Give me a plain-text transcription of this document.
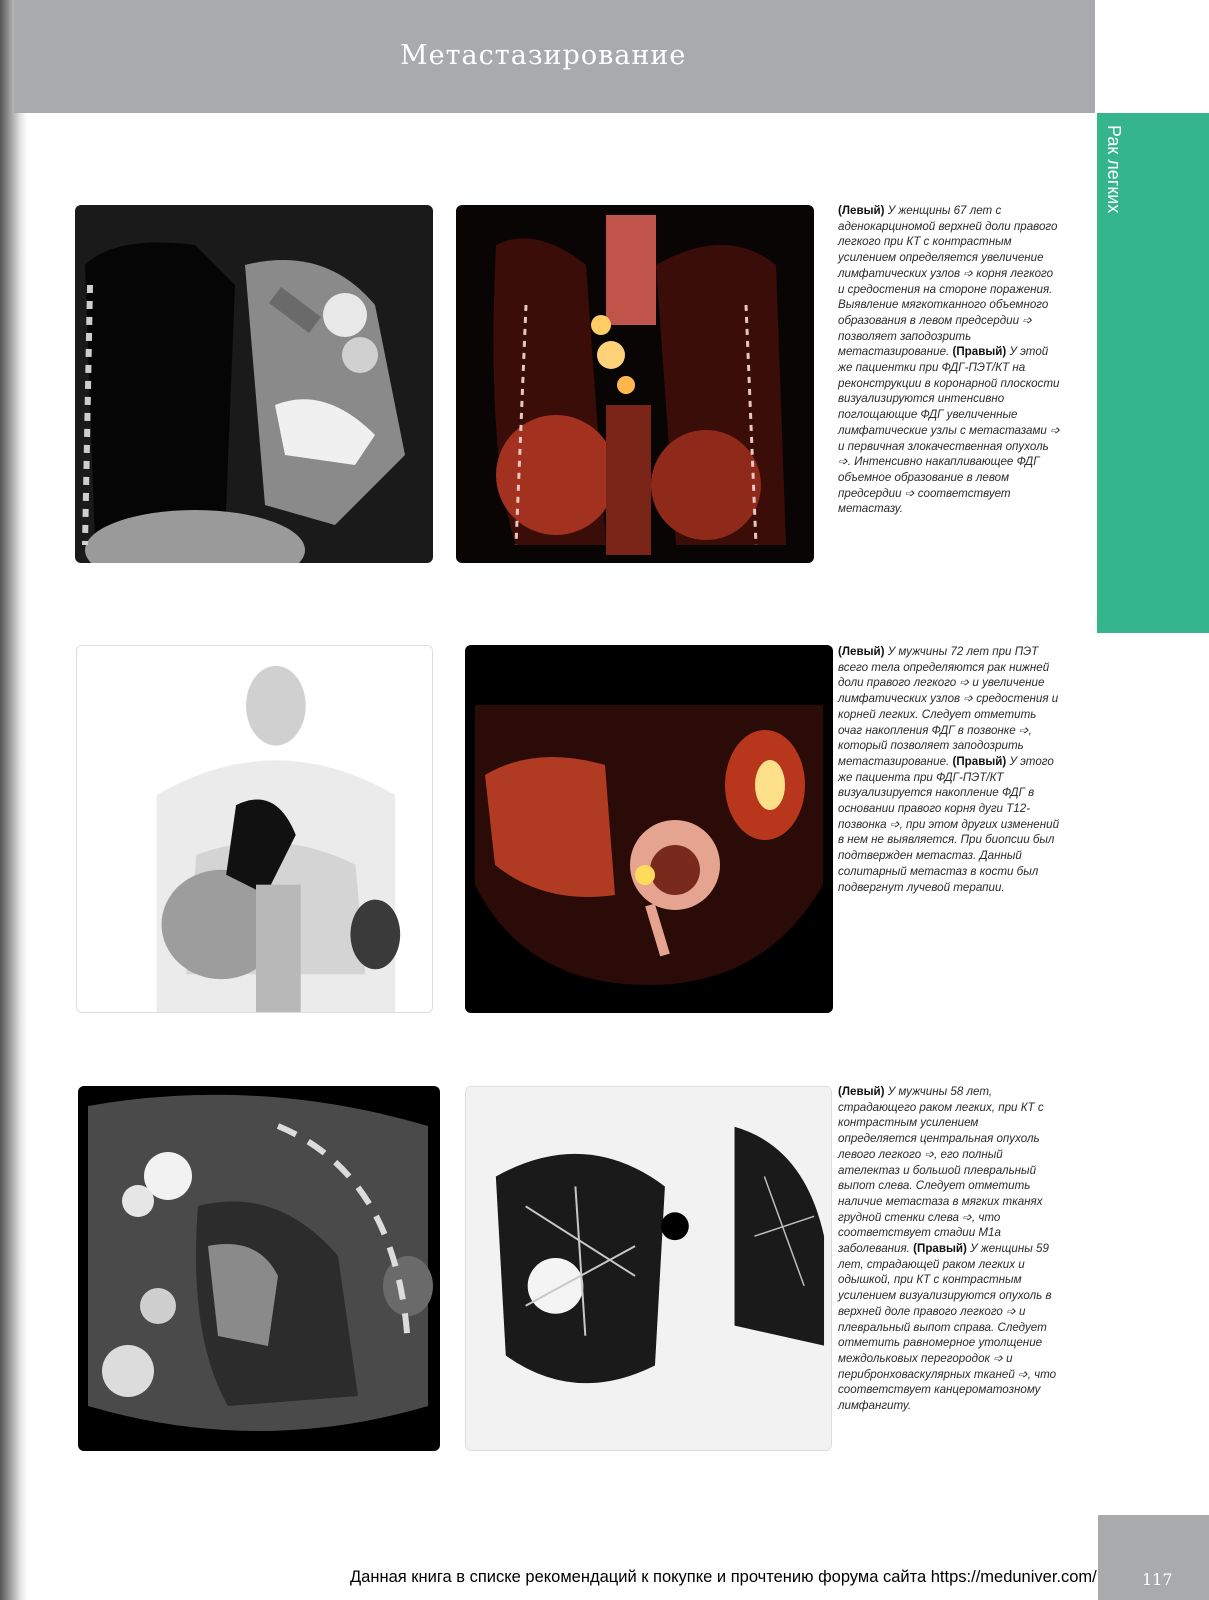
Метастазирование
Рак легких
(Левый) У женщины 67 лет с аденокарциномой верхней доли правого легкого при КТ с контрастным усилением определяется увеличение лимфатических узлов ➩ корня легкого и средостения на стороне поражения. Выявление мягкотканного объемного образования в левом предсердии ➩ позволяет заподозрить метастазирование. (Правый) У этой же пациентки при ФДГ-ПЭТ/КТ на реконструкции в коронарной плоскости визуализируются интенсивно поглощающие ФДГ увеличенные лимфатические узлы с метастазами ➩ и первичная злокачественная опухоль ➩. Интенсивно накапливающее ФДГ объемное образование в левом предсердии ➩ соответствует метастазу.
(Левый) У мужчины 72 лет при ПЭТ всего тела определяются рак нижней доли правого легкого ➩ и увеличение лимфатических узлов ➩ средостения и корней легких. Следует отметить очаг накопления ФДГ в позвонке ➩, который позволяет заподозрить метастазирование. (Правый) У этого же пациента при ФДГ-ПЭТ/КТ визуализируется накопление ФДГ в основании правого корня дуги Т12-позвонка ➩, при этом других изменений в нем не выявляется. При биопсии был подтвержден метастаз. Данный солитарный метастаз в кости был подвергнут лучевой терапии.
(Левый) У мужчины 58 лет, страдающего раком легких, при КТ с контрастным усилением определяется центральная опухоль левого легкого ➩, его полный ателектаз и большой плевральный выпот слева. Следует отметить наличие метастаза в мягких тканях грудной стенки слева ➩, что соответствует стадии M1a заболевания. (Правый) У женщины 59 лет, страдающей раком легких и одышкой, при КТ с контрастным усилением визуализируются опухоль в верхней доле правого легкого ➩ и плевральный выпот справа. Следует отметить равномерное утолщение междольковых перегородок ➩ и перибронховаскулярных тканей ➩, что соответствует канцероматозному лимфангиту.
117
Данная книга в списке рекомендаций к покупке и прочтению форума сайта https://meduniver.com/
